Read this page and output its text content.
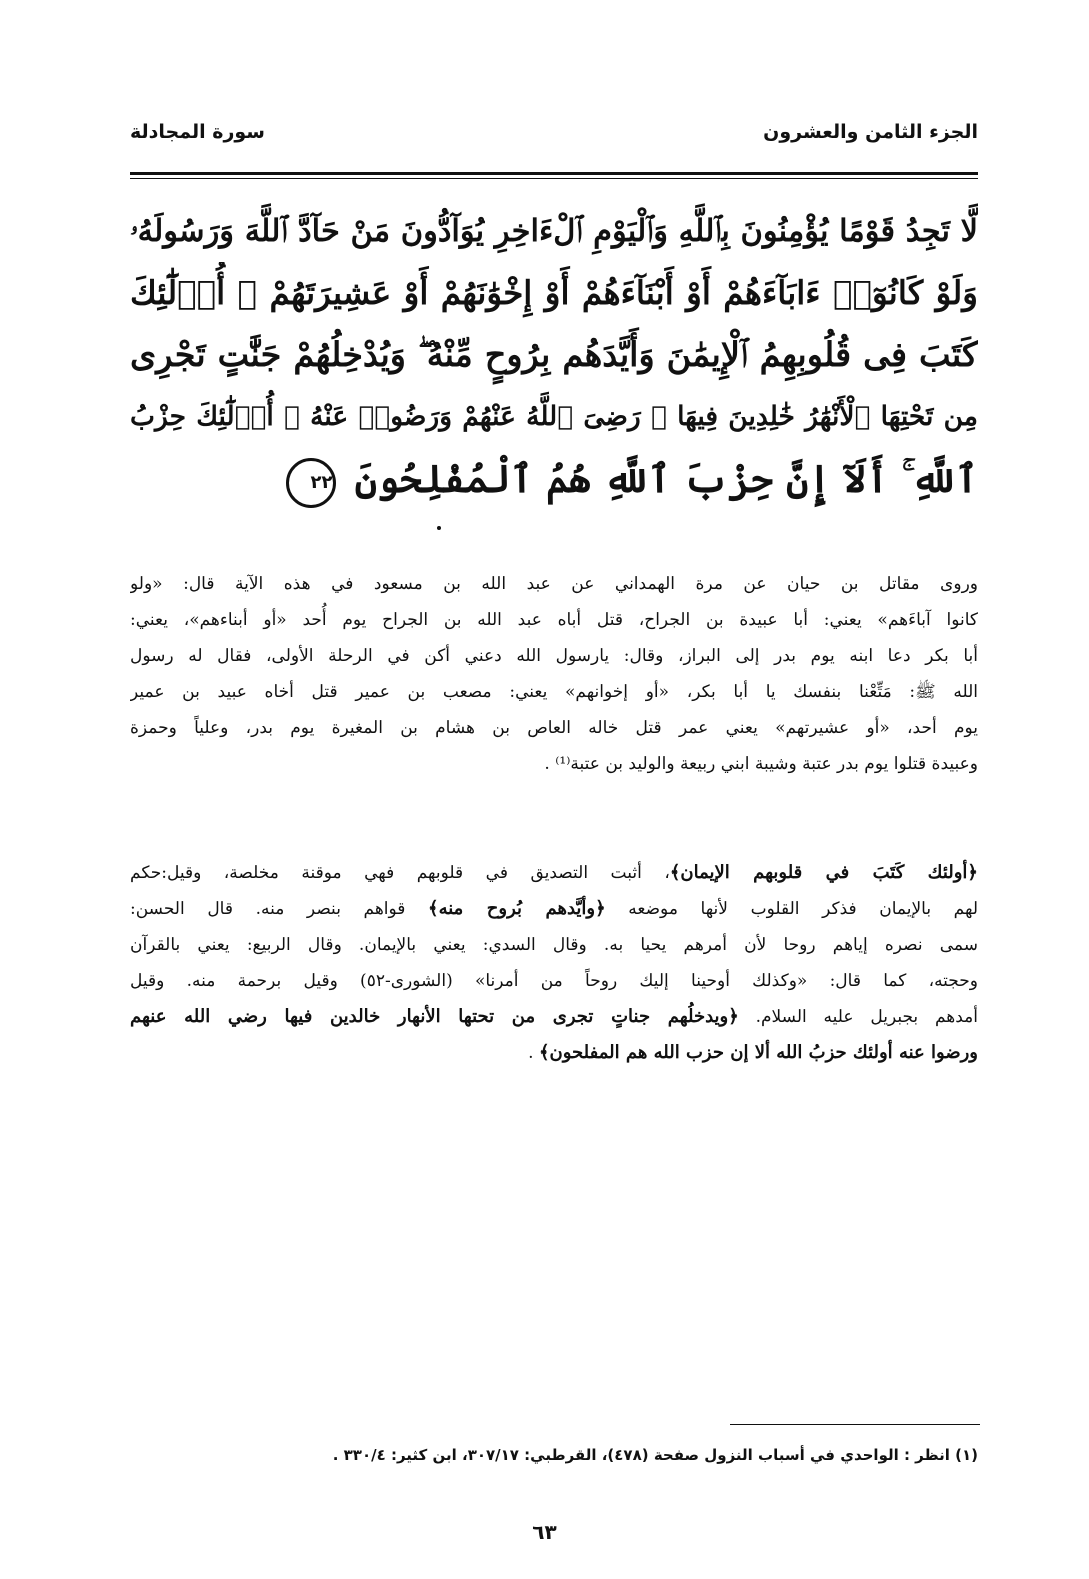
الجزء الثامن والعشرون
سورة المجادلة
لَّا تَجِدُ قَوْمًا يُؤْمِنُونَ بِٱللَّهِ وَٱلْيَوْمِ ٱلْءَاخِرِ يُوَآدُّونَ مَنْ حَآدَّ ٱللَّهَ وَرَسُولَهُۥ
وَلَوْ كَانُوٓا۟ ءَابَآءَهُمْ أَوْ أَبْنَآءَهُمْ أَوْ إِخْوَٰنَهُمْ أَوْ عَشِيرَتَهُمْ ۚ أُو۟لَٰٓئِكَ
كَتَبَ فِى قُلُوبِهِمُ ٱلْإِيمَٰنَ وَأَيَّدَهُم بِرُوحٍ مِّنْهُ ۖ وَيُدْخِلُهُمْ جَنَّٰتٍ تَجْرِى
مِن تَحْتِهَا ٱلْأَنْهَٰرُ خَٰلِدِينَ فِيهَا ۚ رَضِىَ ٱللَّهُ عَنْهُمْ وَرَضُوا۟ عَنْهُ ۚ أُو۟لَٰٓئِكَ حِزْبُ
ٱللَّهِ ۚ أَلَآ إِنَّ حِزْبَ ٱللَّهِ هُمُ ٱلْمُفْلِحُونَ ٢٢
وروى مقاتل بن حيان عن مرة الهمداني عن عبد الله بن مسعود في هذه الآية قال: «ولو
كانوا آباءَهم» يعني: أبا عبيدة بن الجراح، قتل أباه عبد الله بن الجراح يوم أُحد «أو أبناءهم»، يعني:
أبا بكر دعا ابنه يوم بدر إلى البراز، وقال: يارسول الله دعني أكن في الرحلة الأولى، فقال له رسول
الله ﷺ: مَتِّعْنا بنفسك يا أبا بكر، «أو إخوانهم» يعني: مصعب بن عمير قتل أخاه عبيد بن عمير
يوم أحد، «أو عشيرتهم» يعني عمر قتل خاله العاص بن هشام بن المغيرة يوم بدر، وعلياً وحمزة
وعبيدة قتلوا يوم بدر عتبة وشيبة ابني ربيعة والوليد بن عتبة⁽¹⁾ .
﴿أولئك كَتَبَ في قلوبهم الإيمان﴾، أثبت التصديق في قلوبهم فهي موقنة مخلصة، وقيل:حكم
لهم بالإيمان فذكر القلوب لأنها موضعه ﴿وأيَّدهم بُروح منه﴾ قواهم بنصر منه. قال الحسن:
سمى نصره إياهم روحا لأن أمرهم يحيا به. وقال السدي: يعني بالإيمان. وقال الربيع: يعني بالقرآن
وحجته، كما قال: «وكذلك أوحينا إليك روحاً من أمرنا» (الشورى-٥٢) وقيل برحمة منه. وقيل
أمدهم بجبريل عليه السلام. ﴿ويدخلُهم جناتٍ تجرى من تحتها الأنهار خالدين فيها رضي الله عنهم
ورضوا عنه أولئك حزبُ الله ألا إن حزب الله هم المفلحون﴾ .
(١) انظر : الواحدي في أسباب النزول صفحة (٤٧٨)، القرطبي: ٣٠٧/١٧، ابن كثير: ٣٣٠/٤ .
٦٣
